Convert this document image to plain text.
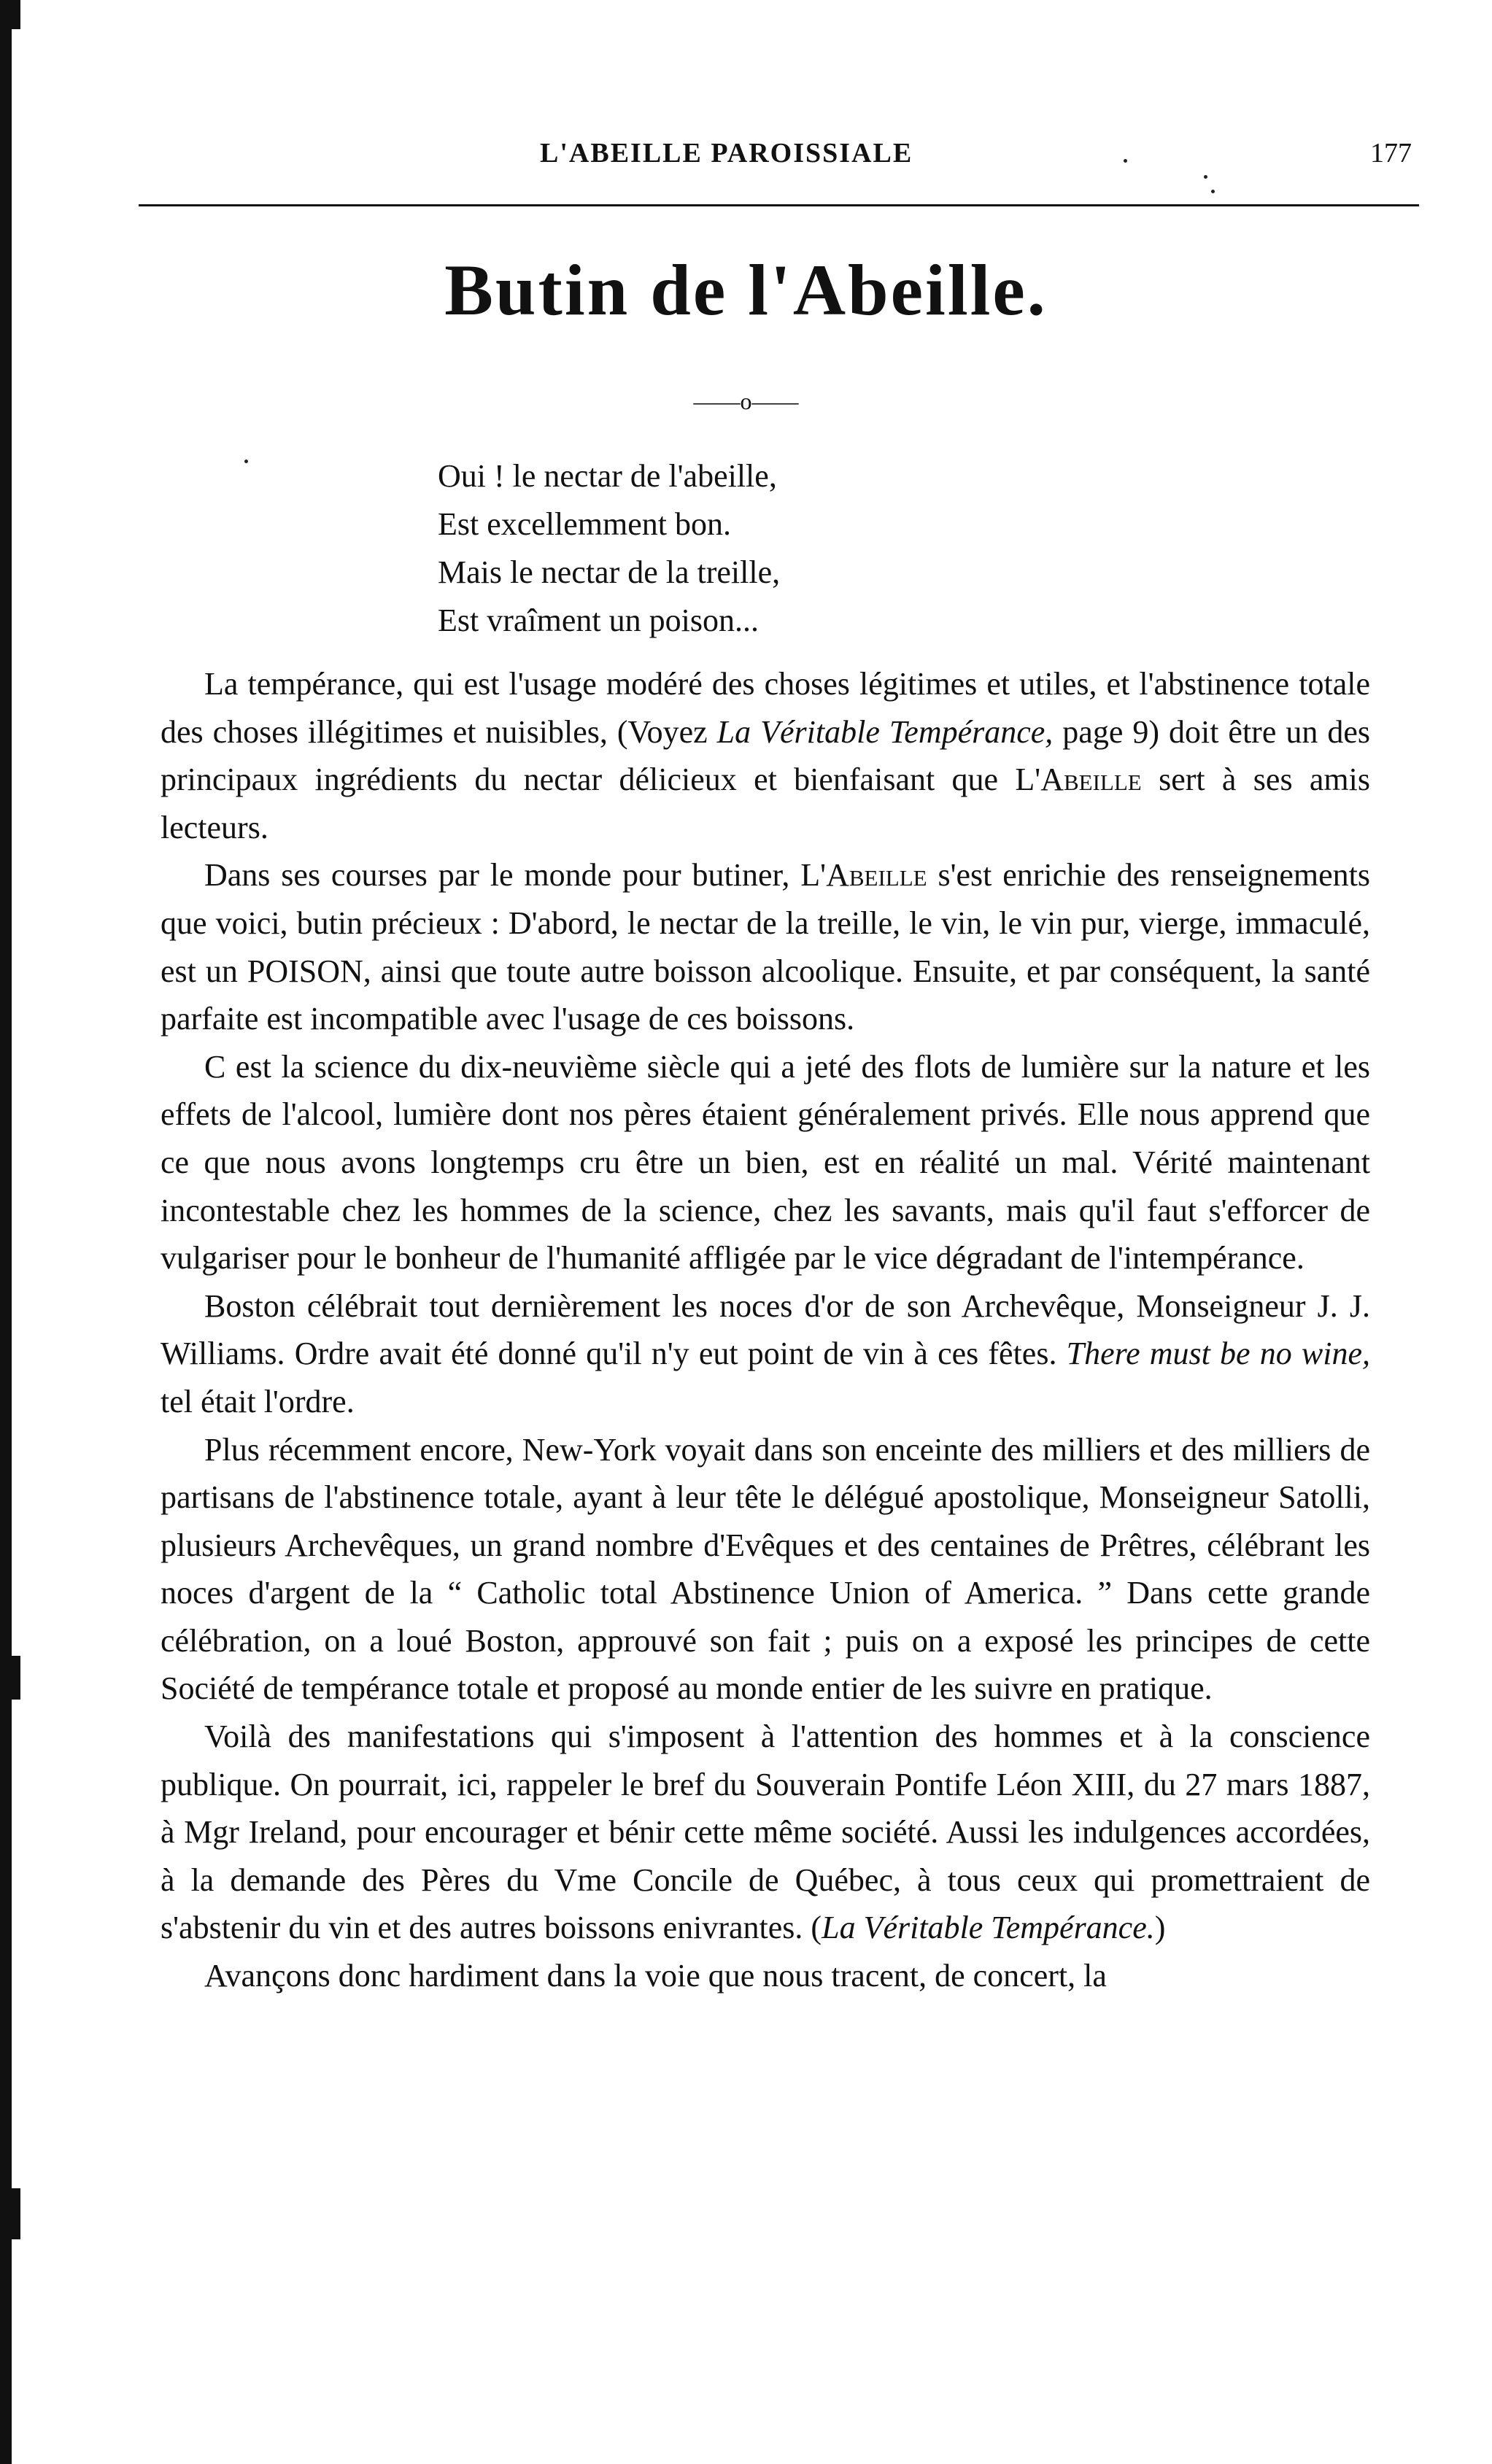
L'ABEILLE PAROISSIALE	177
Butin de l'Abeille.
——o——
Oui ! le nectar de l'abeille,
Est excellemment bon.
Mais le nectar de la treille,
Est vraîment un poison...

La tempérance, qui est l'usage modéré des choses légitimes et utiles, et l'abstinence totale des choses illégitimes et nuisibles, (Voyez La Véritable Tempérance, page 9) doit être un des principaux ingrédients du nectar délicieux et bienfaisant que L'Abeille sert à ses amis lecteurs.

Dans ses courses par le monde pour butiner, L'Abeille s'est enrichie des renseignements que voici, butin précieux : D'abord, le nectar de la treille, le vin, le vin pur, vierge, immaculé, est un POISON, ainsi que toute autre boisson alcoolique. Ensuite, et par conséquent, la santé parfaite est incompatible avec l'usage de ces boissons.

C est la science du dix-neuvième siècle qui a jeté des flots de lumière sur la nature et les effets de l'alcool, lumière dont nos pères étaient généralement privés. Elle nous apprend que ce que nous avons longtemps cru être un bien, est en réalité un mal. Vérité maintenant incontestable chez les hommes de la science, chez les savants, mais qu'il faut s'efforcer de vulgariser pour le bonheur de l'humanité affligée par le vice dégradant de l'intempérance.

Boston célébrait tout dernièrement les noces d'or de son Archevêque, Monseigneur J. J. Williams. Ordre avait été donné qu'il n'y eut point de vin à ces fêtes. There must be no wine, tel était l'ordre.

Plus récemment encore, New-York voyait dans son enceinte des milliers et des milliers de partisans de l'abstinence totale, ayant à leur tête le délégué apostolique, Monseigneur Satolli, plusieurs Archevêques, un grand nombre d'Evêques et des centaines de Prêtres, célébrant les noces d'argent de la “ Catholic total Abstinence Union of America. ” Dans cette grande célébration, on a loué Boston, approuvé son fait ; puis on a exposé les principes de cette Société de tempérance totale et proposé au monde entier de les suivre en pratique.

Voilà des manifestations qui s'imposent à l'attention des hommes et à la conscience publique. On pourrait, ici, rappeler le bref du Souverain Pontife Léon XIII, du 27 mars 1887, à Mgr Ireland, pour encourager et bénir cette même société. Aussi les indulgences accordées, à la demande des Pères du Vme Concile de Québec, à tous ceux qui promettraient de s'abstenir du vin et des autres boissons enivrantes. (La Véritable Tempérance.)

Avançons donc hardiment dans la voie que nous tracent, de concert, la
